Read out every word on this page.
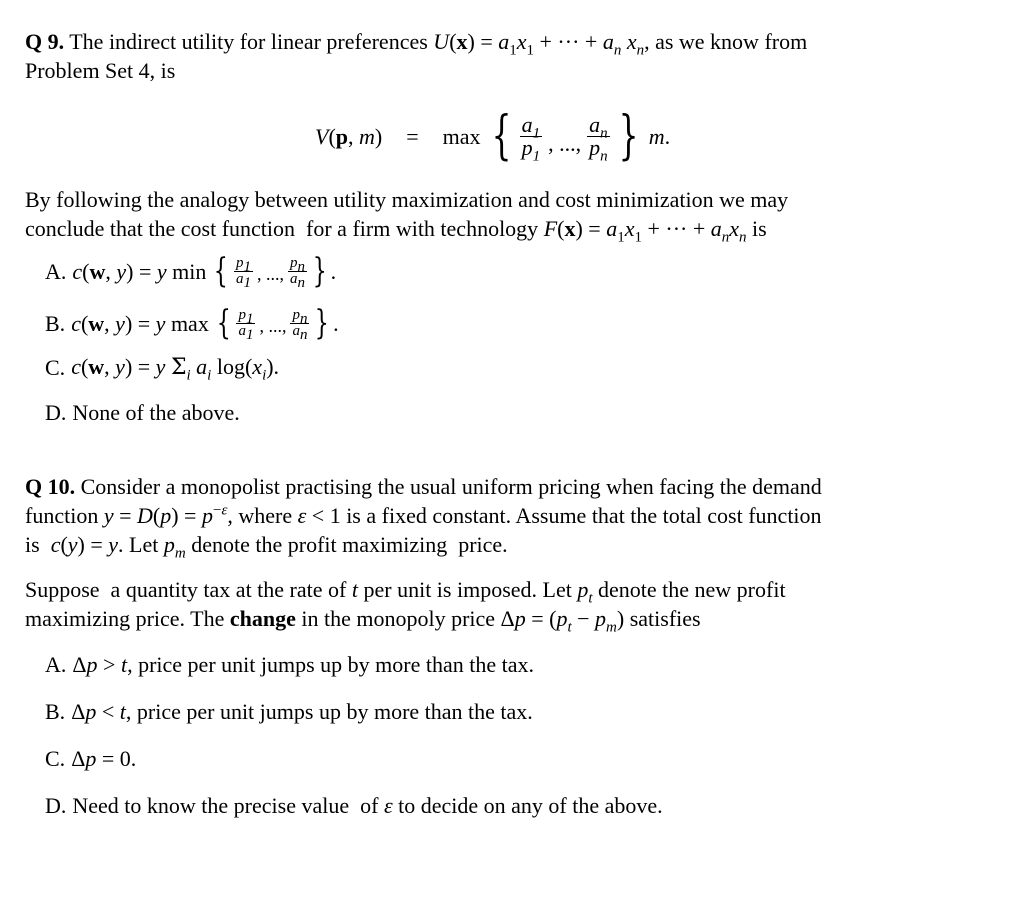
Q 9. The indirect utility for linear preferences $U(x) = a_1x_1$ + ··· + $a_n$ $x_n$, as we know from
Problem Set 4, is

V(p, m) = max { $\frac{a_1}{p_1}$ , ..., $\frac{a_n}{p_n}$ } m.

By following the analogy between utility maximization and cost minimization we may
conclude that the cost function  for a firm with technology $F(x) = a_1x_1$ + ··· + $a_nx_n$ is

A. c(w, y) = y min { $\frac{p_1}{a_1}$ , ..., $\frac{p_n}{a_n}$ } .
B. c(w, y) = y max { $\frac{p_1}{a_1}$ , ..., $\frac{p_n}{a_n}$ } .
C. c(w, y) = y $\Sigma_i$ $a_i$ $\log(x_i)$.
D. None of the above.

Q 10. Consider a monopolist practising the usual uniform pricing when facing the demand
function $y = D(p) = p^{-\varepsilon}$, where ε < 1 is a fixed constant. Assume that the total cost function
is  c(y) = y. Let $p_m$ denote the profit maximizing  price.

Suppose  a quantity tax at the rate of t per unit is imposed. Let $p_t$ denote the new profit
maximizing price. The change in the monopoly price $\Delta p = (p_t - p_m)$ satisfies

A. Δp > t, price per unit jumps up by more than the tax.
B. Δp < t, price per unit jumps up by more than the tax.
C. Δp = 0.
D. Need to know the precise value  of ε to decide on any of the above.
